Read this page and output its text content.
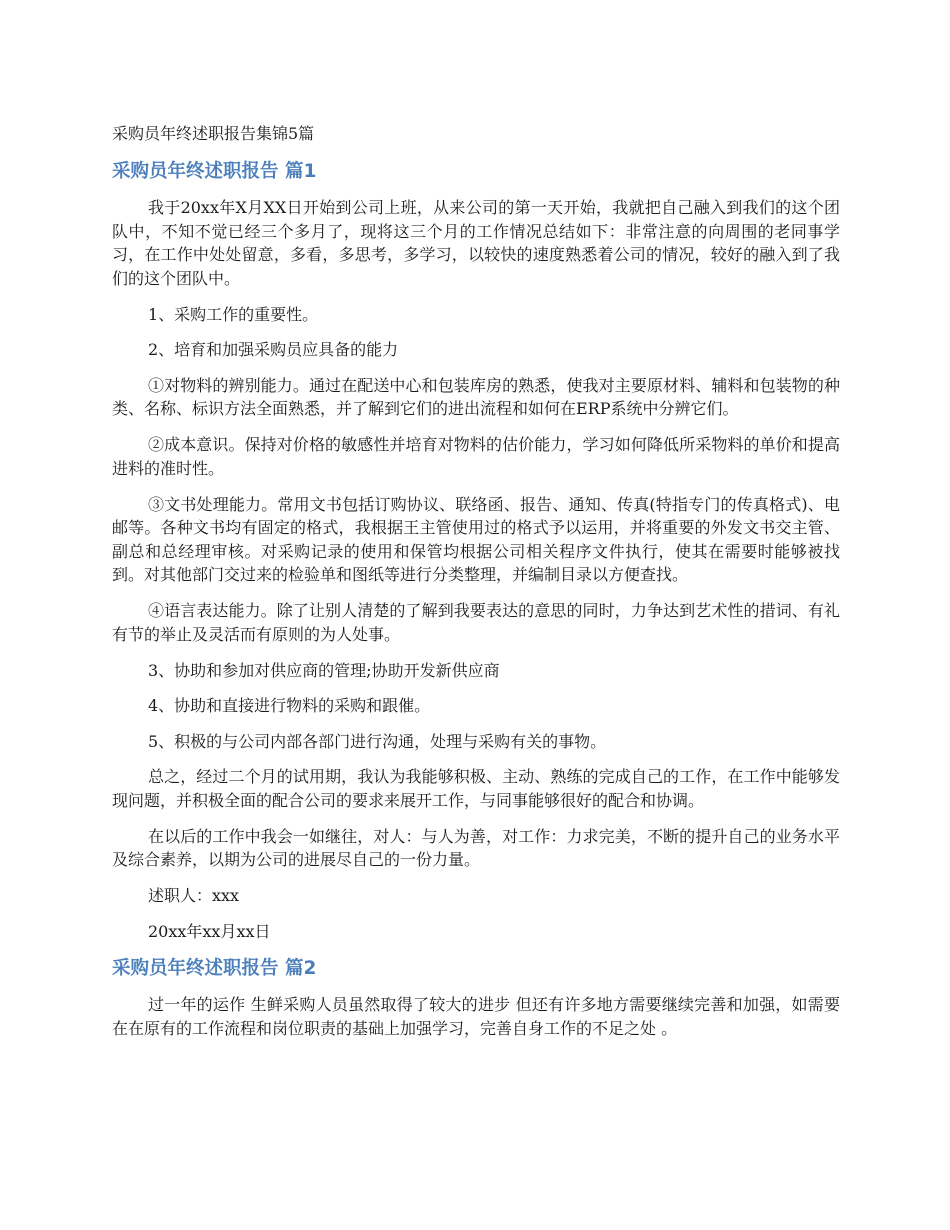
采购员年终述职报告集锦5篇
采购员年终述职报告 篇1

我于20xx年X月XX日开始到公司上班，从来公司的第一天开始，我就把自己融入到我们的这个团队中，不知不觉已经三个多月了，现将这三个月的工作情况总结如下：非常注意的向周围的老同事学习，在工作中处处留意，多看，多思考，多学习，以较快的速度熟悉着公司的情况，较好的融入到了我们的这个团队中。

1、采购工作的重要性。

2、培育和加强采购员应具备的能力

①对物料的辨别能力。通过在配送中心和包装库房的熟悉，使我对主要原材料、辅料和包装物的种类、名称、标识方法全面熟悉，并了解到它们的进出流程和如何在ERP系统中分辨它们。

②成本意识。保持对价格的敏感性并培育对物料的估价能力，学习如何降低所采物料的单价和提高进料的准时性。

③文书处理能力。常用文书包括订购协议、联络函、报告、通知、传真(特指专门的传真格式)、电邮等。各种文书均有固定的格式，我根据王主管使用过的格式予以运用，并将重要的外发文书交主管、副总和总经理审核。对采购记录的使用和保管均根据公司相关程序文件执行，使其在需要时能够被找到。对其他部门交过来的检验单和图纸等进行分类整理，并编制目录以方便查找。

④语言表达能力。除了让别人清楚的了解到我要表达的意思的同时，力争达到艺术性的措词、有礼有节的举止及灵活而有原则的为人处事。

3、协助和参加对供应商的管理;协助开发新供应商

4、协助和直接进行物料的采购和跟催。

5、积极的与公司内部各部门进行沟通，处理与采购有关的事物。

总之，经过二个月的试用期，我认为我能够积极、主动、熟练的完成自己的工作，在工作中能够发现问题，并积极全面的配合公司的要求来展开工作，与同事能够很好的配合和协调。

在以后的工作中我会一如继往，对人：与人为善，对工作：力求完美，不断的提升自己的业务水平及综合素养，以期为公司的进展尽自己的一份力量。

述职人：xxx

20xx年xx月xx日

采购员年终述职报告 篇2

过一年的运作 生鲜采购人员虽然取得了较大的进步 但还有许多地方需要继续完善和加强，如需要在在原有的工作流程和岗位职责的基础上加强学习，完善自身工作的不足之处 。
